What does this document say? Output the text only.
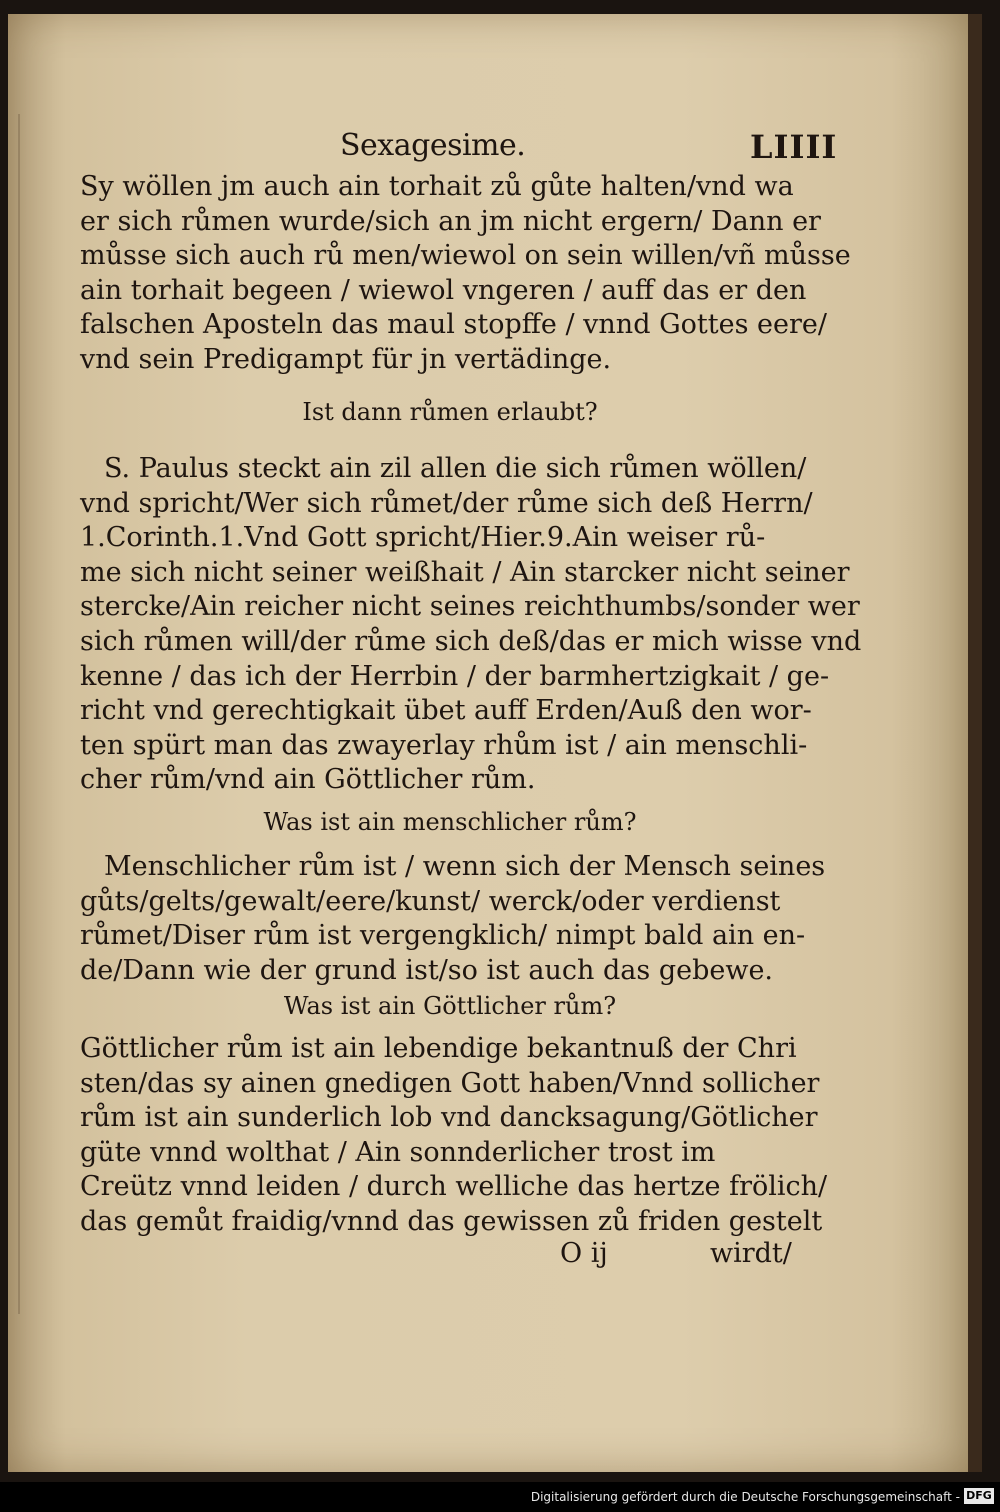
Sexagesime.	LIIII
Sy wöllen jm auch ain torhait zů gůte halten/vnd wa
er sich růmen wurde/sich an jm nicht ergern/ Dann er
můsse sich auch rů men/wiewol on sein willen/vñ můsse
ain torhait begeen / wiewol vngeren / auff das er den
falschen Aposteln das maul stopffe / vnnd Gottes eere/
vnd sein Predigampt für jn vertädinge.
Ist dann růmen erlaubt?
S. Paulus steckt ain zil allen die sich růmen wöllen/
vnd spricht/Wer sich růmet/der růme sich deß Herrn/
1.Corinth.1.Vnd Gott spricht/Hier.9.Ain weiser rů-
me sich nicht seiner weißhait / Ain starcker nicht seiner
stercke/Ain reicher nicht seines reichthumbs/sonder wer
sich růmen will/der růme sich deß/das er mich wisse vnd
kenne / das ich der Herrbin / der barmhertzigkait / ge-
richt vnd gerechtigkait übet auff Erden/Auß den wor-
ten spürt man das zwayerlay rhům ist / ain menschli-
cher rům/vnd ain Göttlicher rům.
Was ist ain menschlicher rům?
Menschlicher rům ist / wenn sich der Mensch seines
gůts/gelts/gewalt/eere/kunst/ werck/oder verdienst
růmet/Diser rům ist vergengklich/ nimpt bald ain en-
de/Dann wie der grund ist/so ist auch das gebewe.
Was ist ain Göttlicher rům?
Göttlicher rům ist ain lebendige bekantnuß der Chri
sten/das sy ainen gnedigen Gott haben/Vnnd sollicher
rům ist ain sunderlich lob vnd dancksagung/Götlicher
güte vnnd wolthat / Ain sonnderlicher trost im
Creütz vnnd leiden / durch welliche das hertze frölich/
das gemůt fraidig/vnnd das gewissen zů friden gestelt
O ij	wirdt/
Digitalisierung gefördert durch die Deutsche Forschungsgemeinschaft - DFG
